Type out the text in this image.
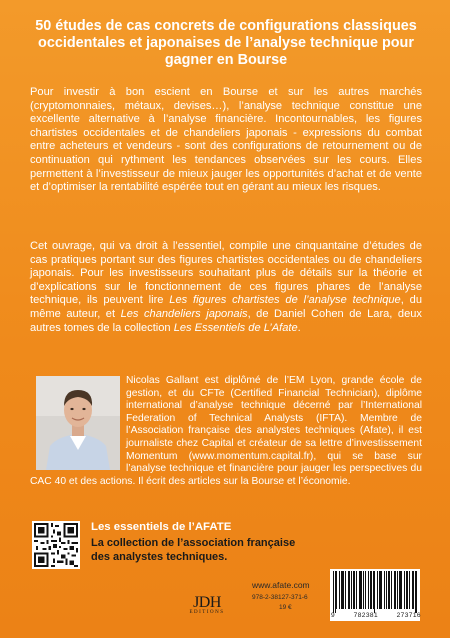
50 études de cas concrets de configurations classiques occidentales et japonaises de l’analyse technique pour gagner en Bourse
Pour investir à bon escient en Bourse et sur les autres marchés (cryptomonnaies, métaux, devises…), l’analyse technique constitue une excellente alternative à l’analyse financière. Incontournables, les figures chartistes occidentales et de chandeliers japonais - expressions du combat entre acheteurs et vendeurs - sont des configurations de retournement ou de continuation qui rythment les tendances observées sur les cours. Elles permettent à l’investisseur de mieux jauger les opportunités d’achat et de vente et d’optimiser la rentabilité espérée tout en gérant au mieux les risques.
Cet ouvrage, qui va droit à l’essentiel, compile une cinquantaine d’études de cas pratiques portant sur des figures chartistes occidentales ou de chandeliers japonais. Pour les investisseurs souhaitant plus de détails sur la théorie et d’explications sur le fonctionnement de ces figures phares de l’analyse technique, ils peuvent lire Les figures chartistes de l’analyse technique, du même auteur, et Les chandeliers japonais, de Daniel Cohen de Lara, deux autres tomes de la collection Les Essentiels de L’Afate.
Nicolas Gallant est diplômé de l’EM Lyon, grande école de gestion, et du CFTe (Certified Financial Technician), diplôme international d’analyse technique décerné par l’International Federation of Technical Analysts (IFTA). Membre de l’Association française des analystes techniques (Afate), il est journaliste chez Capital et créateur de sa lettre d’investissement Momentum (www.momentum.capital.fr), qui se base sur l’analyse technique et financière pour jauger les perspectives du CAC 40 et des actions. Il écrit des articles sur la Bourse et l’économie.
Les essentiels de l’AFATE
La collection de l’association française des analystes techniques.
JDH
EDITIONS
www.afate.com
978-2-38127-371-6
19 €
9	782381	273716
